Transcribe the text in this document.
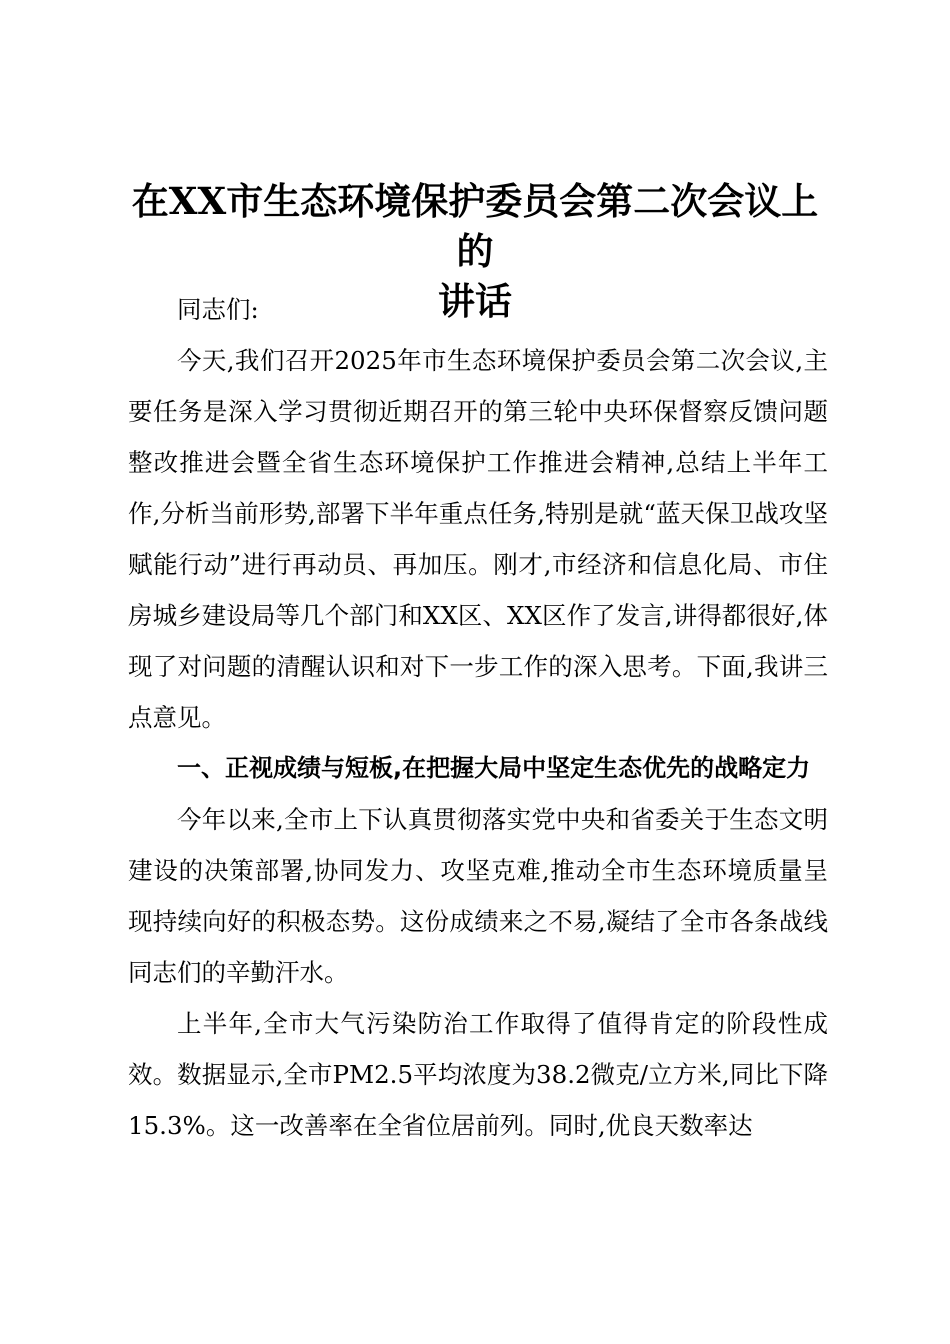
在XX市生态环境保护委员会第二次会议上的
讲话

同志们:

今天,我们召开2025年市生态环境保护委员会第二次会议,主要任务是深入学习贯彻近期召开的第三轮中央环保督察反馈问题整改推进会暨全省生态环境保护工作推进会精神,总结上半年工作,分析当前形势,部署下半年重点任务,特别是就“蓝天保卫战攻坚赋能行动”进行再动员、再加压。刚才,市经济和信息化局、市住房城乡建设局等几个部门和XX区、XX区作了发言,讲得都很好,体现了对问题的清醒认识和对下一步工作的深入思考。下面,我讲三点意见。

一、正视成绩与短板,在把握大局中坚定生态优先的战略定力

今年以来,全市上下认真贯彻落实党中央和省委关于生态文明建设的决策部署,协同发力、攻坚克难,推动全市生态环境质量呈现持续向好的积极态势。这份成绩来之不易,凝结了全市各条战线同志们的辛勤汗水。

上半年,全市大气污染防治工作取得了值得肯定的阶段性成效。数据显示,全市PM2.5平均浓度为38.2微克/立方米,同比下降15.3%。这一改善率在全省位居前列。同时,优良天数率达
